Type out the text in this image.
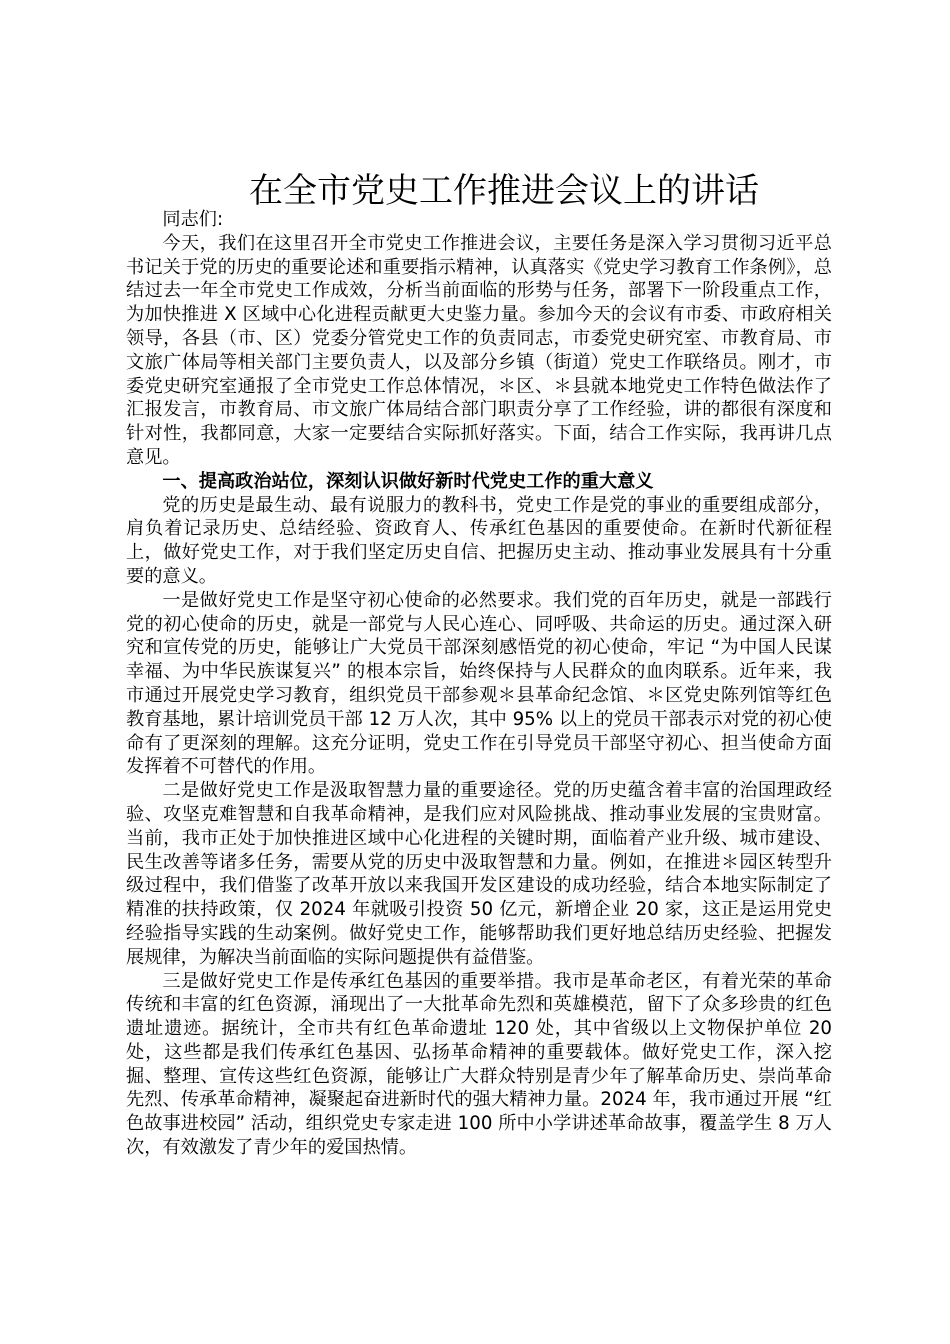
在全市党史工作推进会议上的讲话

同志们:

今天，我们在这里召开全市党史工作推进会议，主要任务是深入学习贯彻习近平总书记关于党的历史的重要论述和重要指示精神，认真落实《党史学习教育工作条例》，总结过去一年全市党史工作成效，分析当前面临的形势与任务，部署下一阶段重点工作，为加快推进 X 区域中心化进程贡献更大史鉴力量。参加今天的会议有市委、市政府相关领导，各县（市、区）党委分管党史工作的负责同志，市委党史研究室、市教育局、市文旅广体局等相关部门主要负责人，以及部分乡镇（街道）党史工作联络员。刚才，市委党史研究室通报了全市党史工作总体情况，＊区、＊县就本地党史工作特色做法作了汇报发言，市教育局、市文旅广体局结合部门职责分享了工作经验，讲的都很有深度和针对性，我都同意，大家一定要结合实际抓好落实。下面，结合工作实际，我再讲几点意见。

一、提高政治站位，深刻认识做好新时代党史工作的重大意义

党的历史是最生动、最有说服力的教科书，党史工作是党的事业的重要组成部分，肩负着记录历史、总结经验、资政育人、传承红色基因的重要使命。在新时代新征程上，做好党史工作，对于我们坚定历史自信、把握历史主动、推动事业发展具有十分重要的意义。

一是做好党史工作是坚守初心使命的必然要求。我们党的百年历史，就是一部践行党的初心使命的历史，就是一部党与人民心连心、同呼吸、共命运的历史。通过深入研究和宣传党的历史，能够让广大党员干部深刻感悟党的初心使命，牢记 “为中国人民谋幸福、为中华民族谋复兴” 的根本宗旨，始终保持与人民群众的血肉联系。近年来，我市通过开展党史学习教育，组织党员干部参观＊县革命纪念馆、＊区党史陈列馆等红色教育基地，累计培训党员干部 12 万人次，其中 95% 以上的党员干部表示对党的初心使命有了更深刻的理解。这充分证明，党史工作在引导党员干部坚守初心、担当使命方面发挥着不可替代的作用。

二是做好党史工作是汲取智慧力量的重要途径。党的历史蕴含着丰富的治国理政经验、攻坚克难智慧和自我革命精神，是我们应对风险挑战、推动事业发展的宝贵财富。当前，我市正处于加快推进区域中心化进程的关键时期，面临着产业升级、城市建设、民生改善等诸多任务，需要从党的历史中汲取智慧和力量。例如，在推进＊园区转型升级过程中，我们借鉴了改革开放以来我国开发区建设的成功经验，结合本地实际制定了精准的扶持政策，仅 2024 年就吸引投资 50 亿元，新增企业 20 家，这正是运用党史经验指导实践的生动案例。做好党史工作，能够帮助我们更好地总结历史经验、把握发展规律，为解决当前面临的实际问题提供有益借鉴。

三是做好党史工作是传承红色基因的重要举措。我市是革命老区，有着光荣的革命传统和丰富的红色资源，涌现出了一大批革命先烈和英雄模范，留下了众多珍贵的红色遗址遗迹。据统计，全市共有红色革命遗址 120 处，其中省级以上文物保护单位 20 处，这些都是我们传承红色基因、弘扬革命精神的重要载体。做好党史工作，深入挖掘、整理、宣传这些红色资源，能够让广大群众特别是青少年了解革命历史、崇尚革命先烈、传承革命精神，凝聚起奋进新时代的强大精神力量。2024 年，我市通过开展 “红色故事进校园” 活动，组织党史专家走进 100 所中小学讲述革命故事，覆盖学生 8 万人次，有效激发了青少年的爱国热情。
